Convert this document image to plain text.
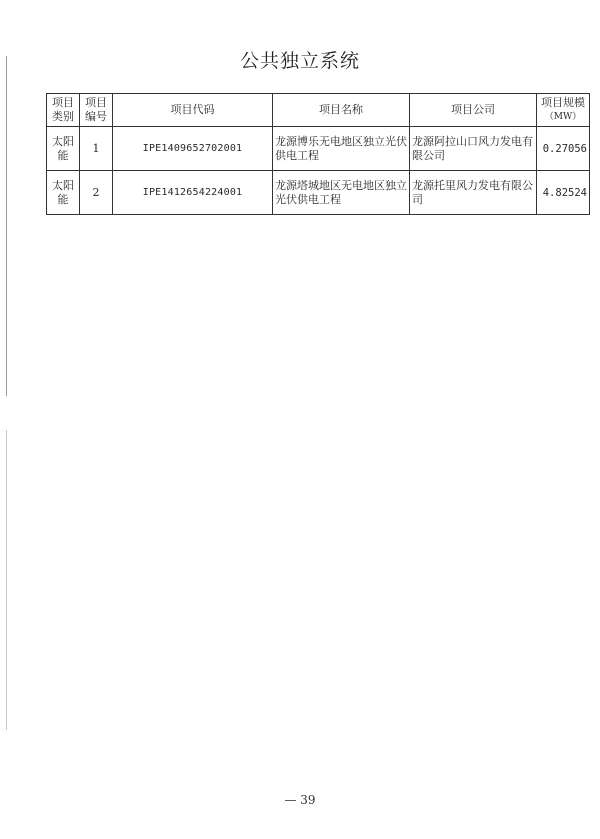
公共独立系统
项目类别	项目编号	项目代码	项目名称	项目公司	项目规模
（MW）

太阳能	1	IPE1409652702001	龙源博乐无电地区独立光伏供电工程	龙源阿拉山口风力发电有限公司	0.27056
太阳能	2	IPE1412654224001	龙源塔城地区无电地区独立光伏供电工程	龙源托里风力发电有限公司	4.82524
— 39
